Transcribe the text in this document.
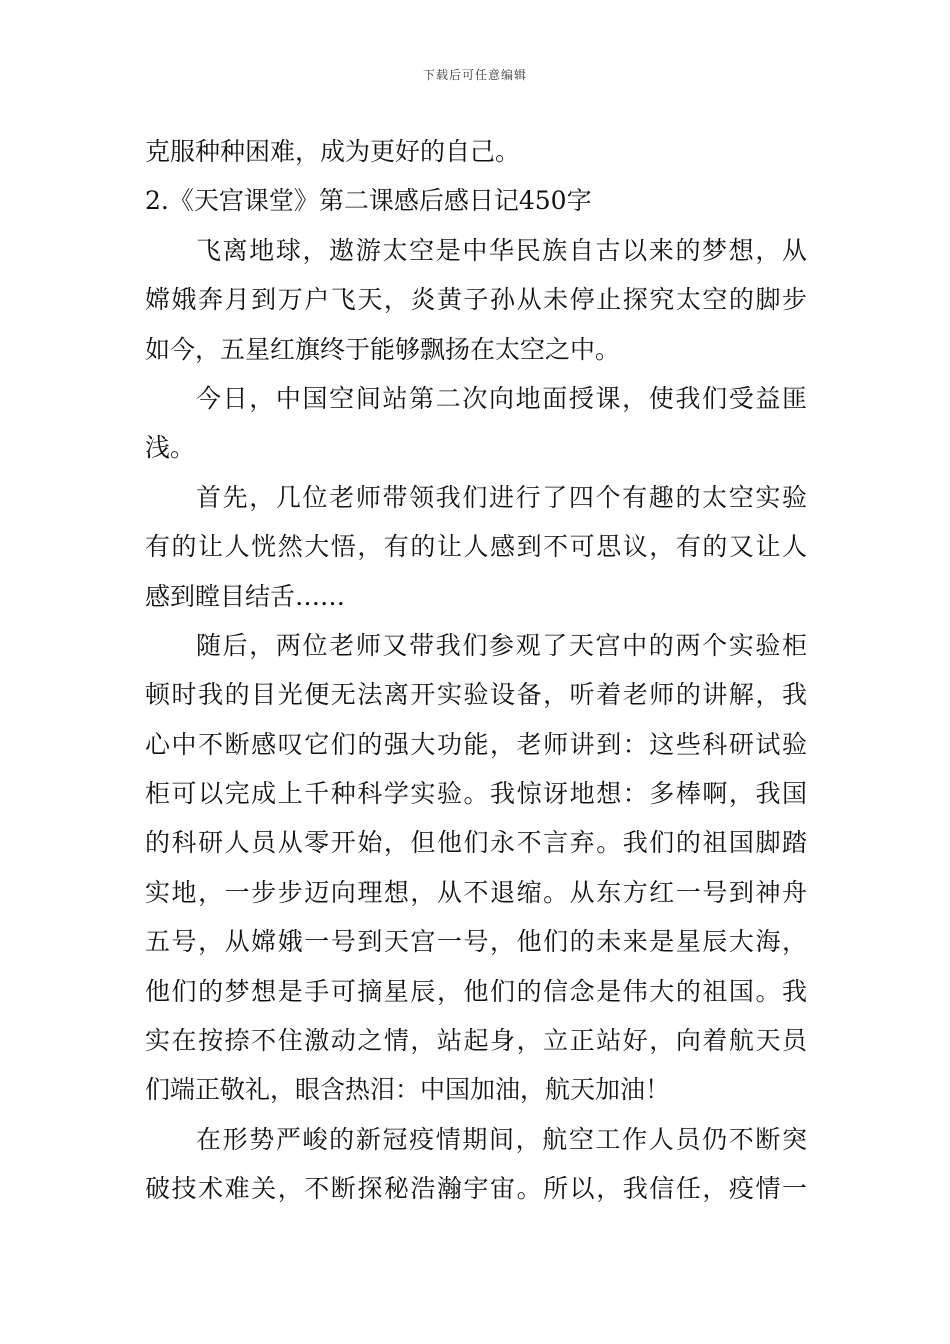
下载后可任意编辑
克服种种困难，成为更好的自己。
2.《天宫课堂》第二课感后感日记450字
飞离地球，遨游太空是中华民族自古以来的梦想，从
嫦娥奔月到万户飞天，炎黄子孙从未停止探究太空的脚步
如今，五星红旗终于能够飘扬在太空之中。
今日，中国空间站第二次向地面授课，使我们受益匪
浅。
首先，几位老师带领我们进行了四个有趣的太空实验
有的让人恍然大悟，有的让人感到不可思议，有的又让人
感到瞠目结舌……
随后，两位老师又带我们参观了天宫中的两个实验柜
顿时我的目光便无法离开实验设备，听着老师的讲解，我
心中不断感叹它们的强大功能，老师讲到：这些科研试验
柜可以完成上千种科学实验。我惊讶地想：多棒啊，我国
的科研人员从零开始，但他们永不言弃。我们的祖国脚踏
实地，一步步迈向理想，从不退缩。从东方红一号到神舟
五号，从嫦娥一号到天宫一号，他们的未来是星辰大海，
他们的梦想是手可摘星辰，他们的信念是伟大的祖国。我
实在按捺不住激动之情，站起身，立正站好，向着航天员
们端正敬礼，眼含热泪：中国加油，航天加油！
在形势严峻的新冠疫情期间，航空工作人员仍不断突
破技术难关，不断探秘浩瀚宇宙。所以，我信任，疫情一
